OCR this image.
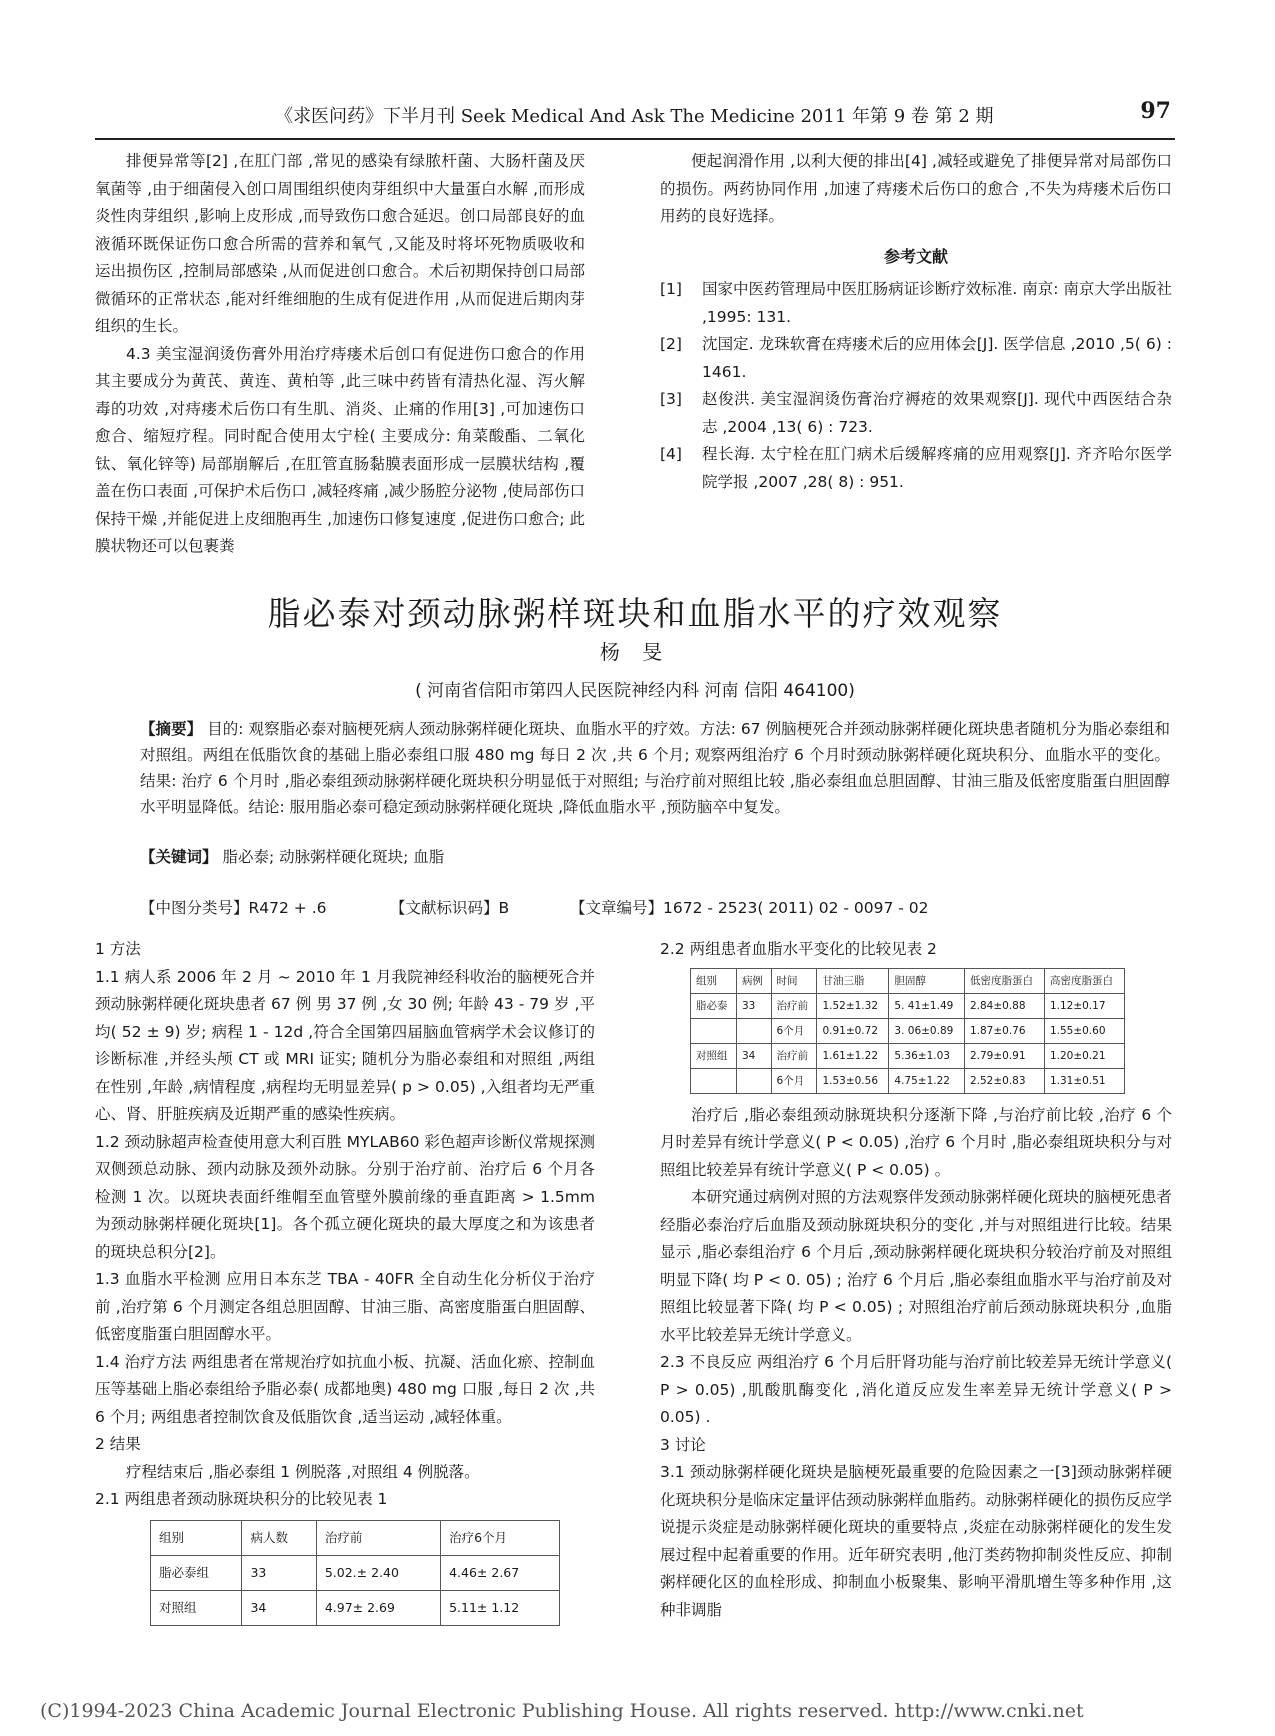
《求医问药》下半月刊 Seek Medical And Ask The Medicine 2011 年第 9 卷 第 2 期	97

排便异常等[2] ,在肛门部 ,常见的感染有绿脓杆菌、大肠杆菌及厌氧菌等 ,由于细菌侵入创口周围组织使肉芽组织中大量蛋白水解 ,而形成炎性肉芽组织 ,影响上皮形成 ,而导致伤口愈合延迟。创口局部良好的血液循环既保证伤口愈合所需的营养和氧气 ,又能及时将坏死物质吸收和运出损伤区 ,控制局部感染 ,从而促进创口愈合。术后初期保持创口局部微循环的正常状态 ,能对纤维细胞的生成有促进作用 ,从而促进后期肉芽组织的生长。

4.3 美宝湿润烫伤膏外用治疗痔瘘术后创口有促进伤口愈合的作用 其主要成分为黄芪、黄连、黄柏等 ,此三味中药皆有清热化湿、泻火解毒的功效 ,对痔瘘术后伤口有生肌、消炎、止痛的作用[3] ,可加速伤口愈合、缩短疗程。同时配合使用太宁栓( 主要成分: 角菜酸酯、二氧化钛、氧化锌等) 局部崩解后 ,在肛管直肠黏膜表面形成一层膜状结构 ,覆盖在伤口表面 ,可保护术后伤口 ,减轻疼痛 ,减少肠腔分泌物 ,使局部伤口保持干燥 ,并能促进上皮细胞再生 ,加速伤口修复速度 ,促进伤口愈合; 此膜状物还可以包裹粪

便起润滑作用 ,以利大便的排出[4] ,减轻或避免了排便异常对局部伤口的损伤。两药协同作用 ,加速了痔瘘术后伤口的愈合 ,不失为痔瘘术后伤口用药的良好选择。

参考文献
[1]	国家中医药管理局中医肛肠病证诊断疗效标准. 南京: 南京大学出版社 ,1995: 131.
[2]	沈国定. 龙珠软膏在痔瘘术后的应用体会[J]. 医学信息 ,2010 ,5( 6) : 1461.
[3]	赵俊洪. 美宝湿润烫伤膏治疗褥疮的效果观察[J]. 现代中西医结合杂志 ,2004 ,13( 6) : 723.
[4]	程长海. 太宁栓在肛门病术后缓解疼痛的应用观察[J]. 齐齐哈尔医学院学报 ,2007 ,28( 8) : 951.
脂必泰对颈动脉粥样斑块和血脂水平的疗效观察
杨 旻
( 河南省信阳市第四人民医院神经内科 河南 信阳 464100)

【摘要】 目的: 观察脂必泰对脑梗死病人颈动脉粥样硬化斑块、血脂水平的疗效。方法: 67 例脑梗死合并颈动脉粥样硬化斑块患者随机分为脂必泰组和对照组。两组在低脂饮食的基础上脂必泰组口服 480 mg 每日 2 次 ,共 6 个月; 观察两组治疗 6 个月时颈动脉粥样硬化斑块积分、血脂水平的变化。结果: 治疗 6 个月时 ,脂必泰组颈动脉粥样硬化斑块积分明显低于对照组; 与治疗前对照组比较 ,脂必泰组血总胆固醇、甘油三脂及低密度脂蛋白胆固醇水平明显降低。结论: 服用脂必泰可稳定颈动脉粥样硬化斑块 ,降低血脂水平 ,预防脑卒中复发。

【关键词】 脂必泰; 动脉粥样硬化斑块; 血脂
【中图分类号】R472 + .6	【文献标识码】B	【文章编号】1672 - 2523( 2011) 02 - 0097 - 02

1 方法

1.1 病人系 2006 年 2 月 ~ 2010 年 1 月我院神经科收治的脑梗死合并颈动脉粥样硬化斑块患者 67 例 男 37 例 ,女 30 例; 年龄 43 - 79 岁 ,平均( 52 ± 9) 岁; 病程 1 - 12d ,符合全国第四届脑血管病学术会议修订的诊断标准 ,并经头颅 CT 或 MRI 证实; 随机分为脂必泰组和对照组 ,两组在性别 ,年龄 ,病情程度 ,病程均无明显差异( p > 0.05) ,入组者均无严重心、肾、肝脏疾病及近期严重的感染性疾病。

1.2 颈动脉超声检查使用意大利百胜 MYLAB60 彩色超声诊断仪常规探测双侧颈总动脉、颈内动脉及颈外动脉。分别于治疗前、治疗后 6 个月各检测 1 次。以斑块表面纤维帽至血管壁外膜前缘的垂直距离 > 1.5mm 为颈动脉粥样硬化斑块[1]。各个孤立硬化斑块的最大厚度之和为该患者的斑块总积分[2]。

1.3 血脂水平检测 应用日本东芝 TBA - 40FR 全自动生化分析仪于治疗前 ,治疗第 6 个月测定各组总胆固醇、甘油三脂、高密度脂蛋白胆固醇、低密度脂蛋白胆固醇水平。

1.4 治疗方法 两组患者在常规治疗如抗血小板、抗凝、活血化瘀、控制血压等基础上脂必泰组给予脂必泰( 成都地奥) 480 mg 口服 ,每日 2 次 ,共 6 个月; 两组患者控制饮食及低脂饮食 ,适当运动 ,减轻体重。

2 结果

疗程结束后 ,脂必泰组 1 例脱落 ,对照组 4 例脱落。

2.1 两组患者颈动脉斑块积分的比较见表 1

组别	病人数	治疗前	治疗6个月
脂必泰组	33	5.02.± 2.40	4.46± 2.67
对照组	34	4.97± 2.69	5.11± 1.12

2.2 两组患者血脂水平变化的比较见表 2

组别	病例	时间	甘油三脂	胆固醇	低密度脂蛋白	高密度脂蛋白
脂必泰	33	治疗前	1.52±1.32	5. 41±1.49	2.84±0.88	1.12±0.17
		6个月	0.91±0.72	3. 06±0.89	1.87±0.76	1.55±0.60
对照组	34	治疗前	1.61±1.22	5.36±1.03	2.79±0.91	1.20±0.21
		6个月	1.53±0.56	4.75±1.22	2.52±0.83	1.31±0.51

治疗后 ,脂必泰组颈动脉斑块积分逐渐下降 ,与治疗前比较 ,治疗 6 个月时差异有统计学意义( P < 0.05) ,治疗 6 个月时 ,脂必泰组斑块积分与对照组比较差异有统计学意义( P < 0.05) 。

本研究通过病例对照的方法观察伴发颈动脉粥样硬化斑块的脑梗死患者经脂必泰治疗后血脂及颈动脉斑块积分的变化 ,并与对照组进行比较。结果显示 ,脂必泰组治疗 6 个月后 ,颈动脉粥样硬化斑块积分较治疗前及对照组明显下降( 均 P < 0. 05) ; 治疗 6 个月后 ,脂必泰组血脂水平与治疗前及对照组比较显著下降( 均 P < 0.05) ; 对照组治疗前后颈动脉斑块积分 ,血脂水平比较差异无统计学意义。

2.3 不良反应 两组治疗 6 个月后肝肾功能与治疗前比较差异无统计学意义( P > 0.05) ,肌酸肌酶变化 ,消化道反应发生率差异无统计学意义( P > 0.05) .

3 讨论

3.1 颈动脉粥样硬化斑块是脑梗死最重要的危险因素之一[3]颈动脉粥样硬化斑块积分是临床定量评估颈动脉粥样血脂药。动脉粥样硬化的损伤反应学说提示炎症是动脉粥样硬化斑块的重要特点 ,炎症在动脉粥样硬化的发生发展过程中起着重要的作用。近年研究表明 ,他汀类药物抑制炎性反应、抑制粥样硬化区的血栓形成、抑制血小板聚集、影响平滑肌增生等多种作用 ,这种非调脂

(C)1994-2023 China Academic Journal Electronic Publishing House. All rights reserved. http://www.cnki.net
